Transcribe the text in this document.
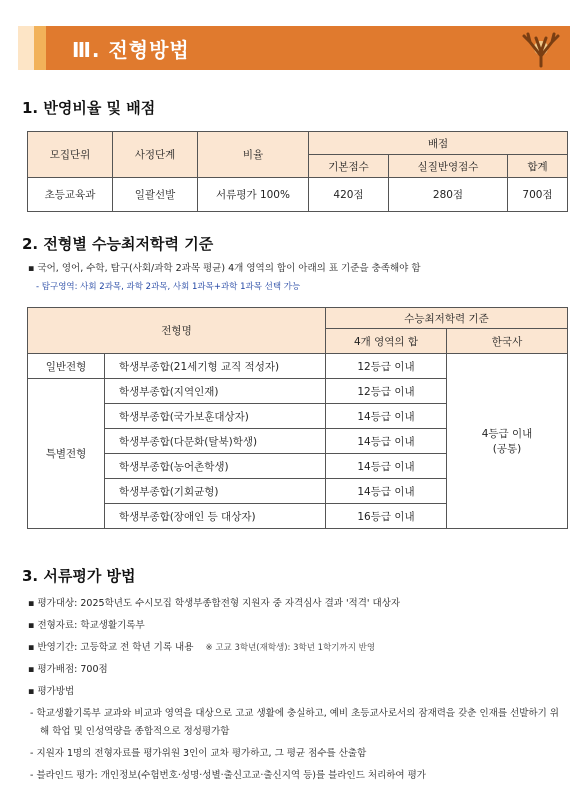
Ⅲ. 전형방법
1. 반영비율 및 배점
모집단위	사정단계	비율	배점		
			기본점수	실질반영점수	합계
초등교육과	일괄선발	서류평가 100%	420점	280점	700점
2. 전형별 수능최저학력 기준
▪ 국어, 영어, 수학, 탐구(사회/과학 2과목 평균) 4개 영역의 합이 아래의 표 기준을 충족해야 함
- 탐구영역: 사회 2과목, 과학 2과목, 사회 1과목+과학 1과목 선택 가능
전형명		수능최저학력 기준	
		4개 영역의 합	한국사
일반전형	학생부종합(21세기형 교직 적성자)	12등급 이내	4등급 이내
(공통)

특별전형	학생부종합(지역인재)	12등급 이내	
	학생부종합(국가보훈대상자)	14등급 이내	
	학생부종합(다문화(탈북)학생)	14등급 이내	
	학생부종합(농어촌학생)	14등급 이내	
	학생부종합(기회균형)	14등급 이내	
	학생부종합(장애인 등 대상자)	16등급 이내	
3. 서류평가 방법
▪ 평가대상: 2025학년도 수시모집 학생부종합전형 지원자 중 자격심사 결과 '적격' 대상자
▪ 전형자료: 학교생활기록부
▪ 반영기간: 고등학교 전 학년 기록 내용 ※ 고교 3학년(재학생): 3학년 1학기까지 반영
▪ 평가배점: 700점
▪ 평가방법
- 학교생활기록부 교과와 비교과 영역을 대상으로 고교 생활에 충실하고, 예비 초등교사로서의 잠재력을 갖춘 인재를 선발하기 위해 학업 및 인성역량을 종합적으로 정성평가함
- 지원자 1명의 전형자료를 평가위원 3인이 교차 평가하고, 그 평균 점수를 산출함
- 블라인드 평가: 개인정보(수험번호·성명·성별·출신고교·출신지역 등)를 블라인드 처리하여 평가
